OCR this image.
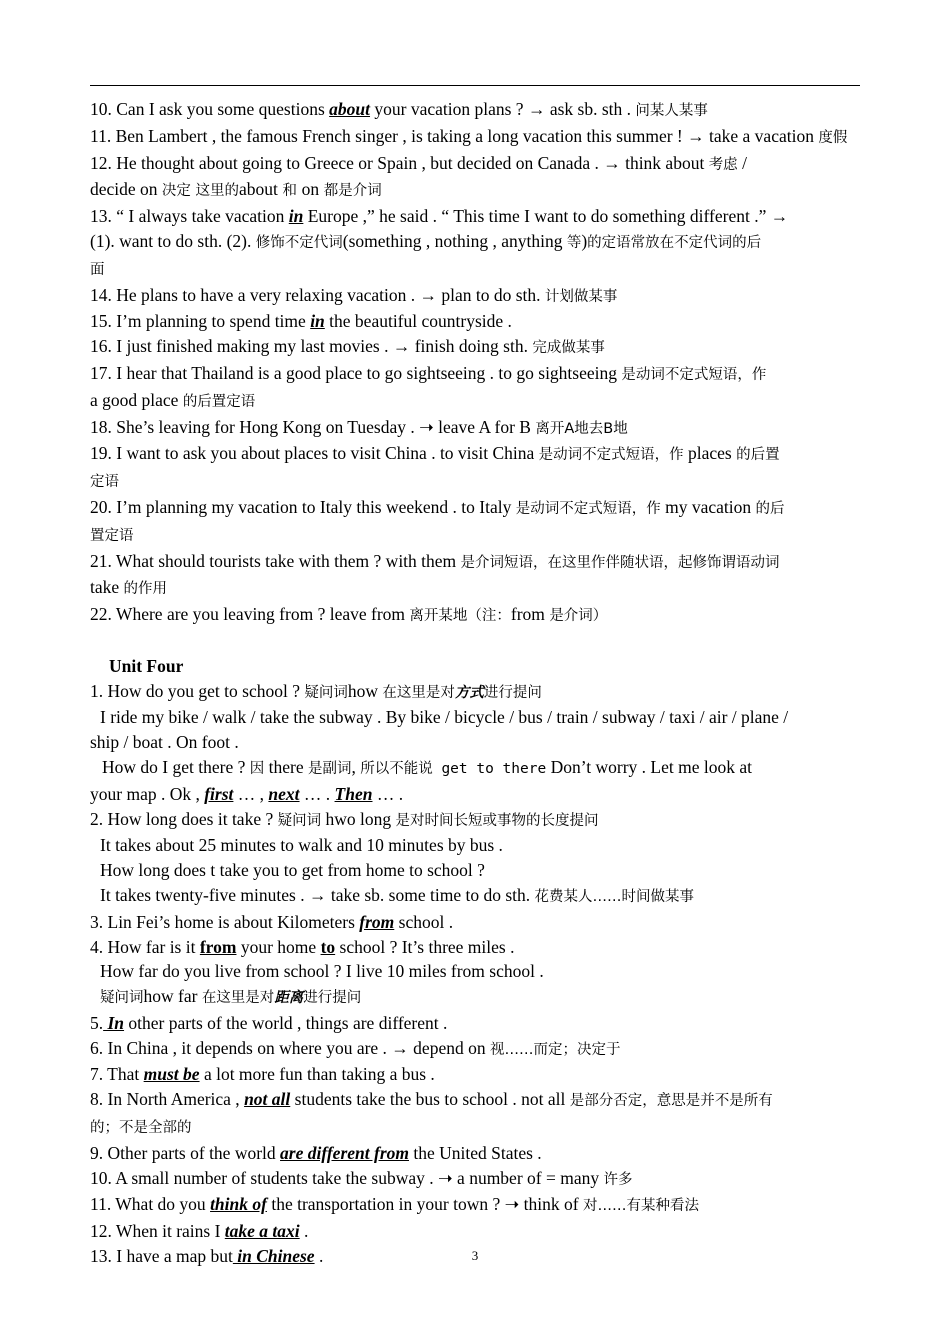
10. Can I ask you some questions about your vacation plans ? → ask sb. sth . 问某人某事

11. Ben Lambert , the famous French singer , is taking a long vacation this summer ! → take a vacation 度假

12. He thought about going to Greece or Spain , but decided on Canada . → think about 考虑 /

decide on 决定 这里的about 和 on 都是介词

13. “ I always take vacation in Europe ,” he said . “ This time I want to do something different .” →

(1). want to do sth. (2). 修饰不定代词(something , nothing , anything 等)的定语常放在不定代词的后

面

14. He plans to have a very relaxing vacation . → plan to do sth. 计划做某事

15. I’m planning to spend time in the beautiful countryside .

16. I just finished making my last movies . → finish doing sth. 完成做某事

17. I hear that Thailand is a good place to go sightseeing . to go sightseeing 是动词不定式短语，作

a good place 的后置定语

18. She’s leaving for Hong Kong on Tuesday . ➝ leave A for B 离开A地去B地

19. I want to ask you about places to visit China . to visit China 是动词不定式短语，作 places 的后置

定语

20. I’m planning my vacation to Italy this weekend . to Italy 是动词不定式短语，作 my vacation 的后

置定语

21. What should tourists take with them ? with them 是介词短语，在这里作伴随状语，起修饰谓语动词

take 的作用

22. Where are you leaving from ? leave from 离开某地（注：from 是介词）

Unit Four

1. How do you get to school ? 疑问词how 在这里是对方式进行提问

I ride my bike / walk / take the subway . By bike / bicycle / bus / train / subway / taxi / air / plane /

ship / boat . On foot .

How do I get there ? 因 there 是副词, 所以不能说 get to there Don’t worry . Let me look at

your map . Ok , first … , next … . Then … .

2. How long does it take ? 疑问词 hwo long 是对时间长短或事物的长度提问

It takes about 25 minutes to walk and 10 minutes by bus .

How long does t take you to get from home to school ?

It takes twenty-five minutes . → take sb. some time to do sth. 花费某人……时间做某事

3. Lin Fei’s home is about Kilometers from school .

4. How far is it from your home to school ? It’s three miles .

How far do you live from school ? I live 10 miles from school .

疑问词how far 在这里是对距离进行提问

5. In other parts of the world , things are different .

6. In China , it depends on where you are . → depend on 视……而定；决定于

7. That must be a lot more fun than taking a bus .

8. In North America , not all students take the bus to school . not all 是部分否定，意思是并不是所有

的；不是全部的

9. Other parts of the world are different from the United States .

10. A small number of students take the subway . ➝ a number of = many 许多

11. What do you think of the transportation in your town ? ➝ think of 对……有某种看法

12. When it rains I take a taxi .

13. I have a map but in Chinese .	3
